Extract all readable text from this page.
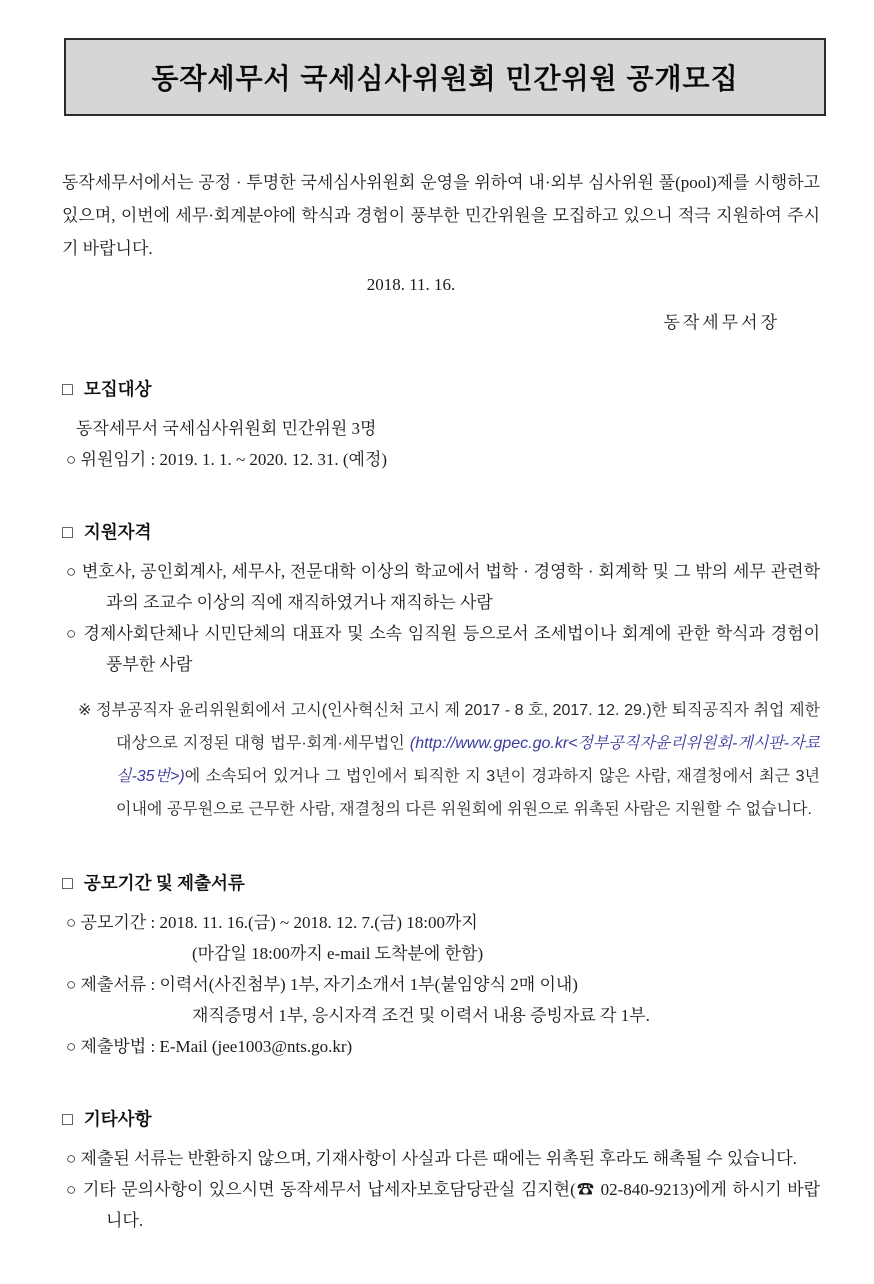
동작세무서 국세심사위원회 민간위원 공개모집

동작세무서에서는 공정 · 투명한 국세심사위원회 운영을 위하여 내·외부 심사위원 풀(pool)제를 시행하고 있으며, 이번에 세무·회계분야에 학식과 경험이 풍부한 민간위원을 모집하고 있으니 적극 지원하여 주시기 바랍니다.

2018. 11. 16.
동작세무서장
□ 모집대상
동작세무서 국세심사위원회 민간위원 3명
○ 위원임기 : 2019. 1. 1. ~ 2020. 12. 31. (예정)
□ 지원자격
○ 변호사, 공인회계사, 세무사, 전문대학 이상의 학교에서 법학 · 경영학 · 회계학 및 그 밖의 세무 관련학과의 조교수 이상의 직에 재직하였거나 재직하는 사람
○ 경제사회단체나 시민단체의 대표자 및 소속 임직원 등으로서 조세법이나 회계에 관한 학식과 경험이 풍부한 사람
※ 정부공직자 윤리위원회에서 고시(인사혁신처 고시 제 2017 - 8 호, 2017. 12. 29.)한 퇴직공직자 취업 제한대상으로 지정된 대형 법무·회계·세무법인 (http://www.gpec.go.kr<정부공직자윤리위원회-게시판-자료실-35번>)에 소속되어 있거나 그 법인에서 퇴직한 지 3년이 경과하지 않은 사람, 재결청에서 최근 3년 이내에 공무원으로 근무한 사람, 재결청의 다른 위원회에 위원으로 위촉된 사람은 지원할 수 없습니다.
□ 공모기간 및 제출서류
○ 공모기간 : 2018. 11. 16.(금) ~ 2018. 12. 7.(금) 18:00까지
(마감일 18:00까지 e-mail 도착분에 한함)
○ 제출서류 : 이력서(사진첨부) 1부, 자기소개서 1부(붙임양식 2매 이내)
재직증명서 1부, 응시자격 조건 및 이력서 내용 증빙자료 각 1부.
○ 제출방법 : E-Mail (jee1003@nts.go.kr)
□ 기타사항
○ 제출된 서류는 반환하지 않으며, 기재사항이 사실과 다른 때에는 위촉된 후라도 해촉될 수 있습니다.
○ 기타 문의사항이 있으시면 동작세무서 납세자보호담당관실 김지현(☎ 02-840-9213)에게 하시기 바랍니다.
